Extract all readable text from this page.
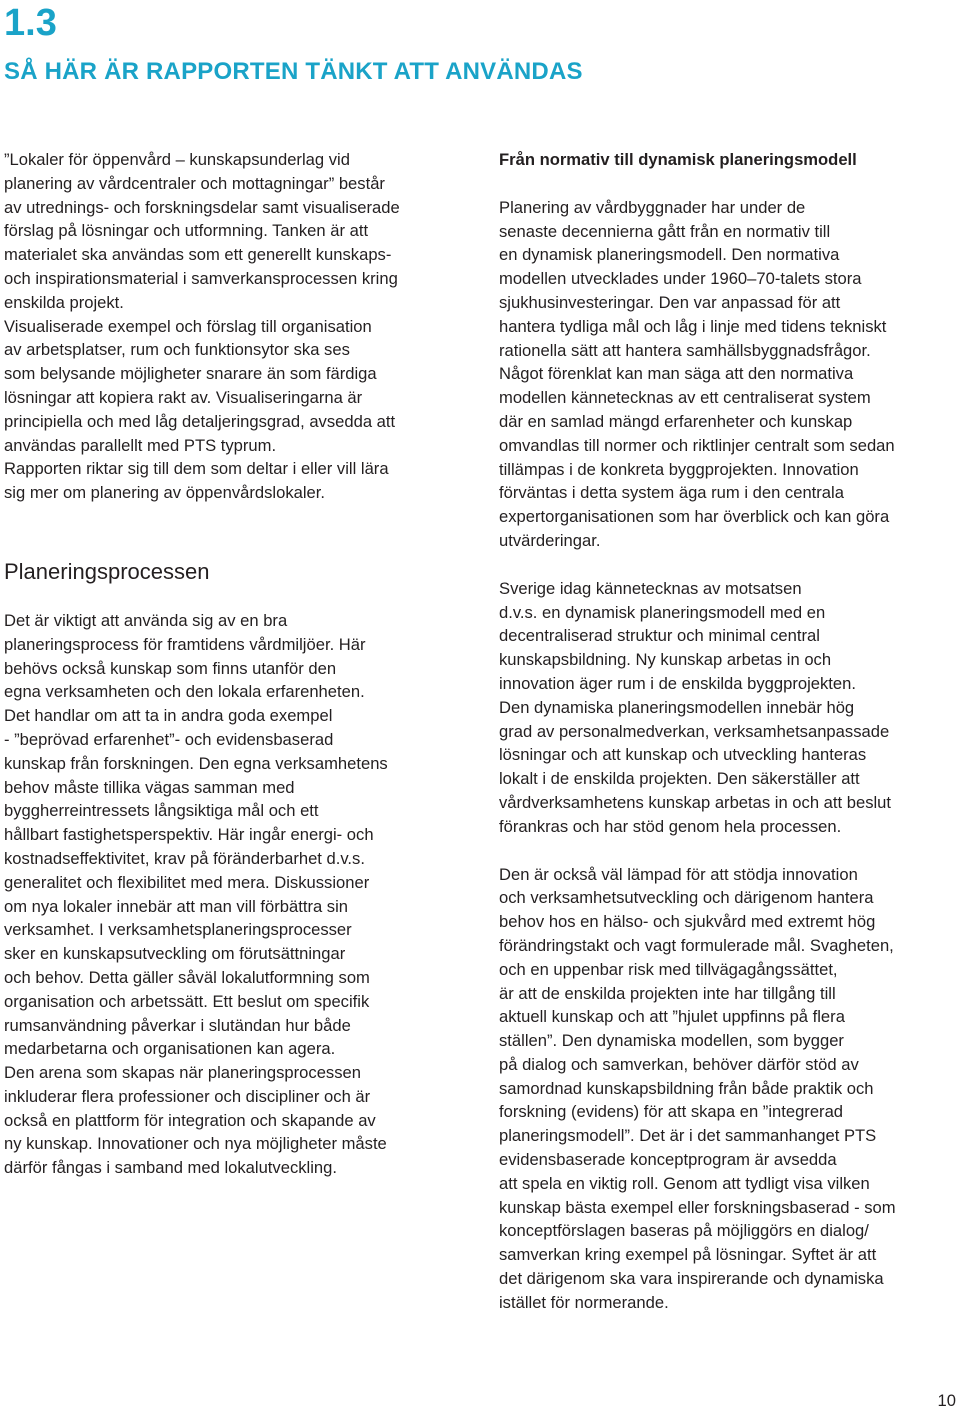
1.3
SÅ HÄR ÄR RAPPORTEN TÄNKT ATT ANVÄNDAS
”Lokaler för öppenvård – kunskapsunderlag vid
planering av vårdcentraler och mottagningar” består
av utrednings- och forskningsdelar samt visualiserade
förslag på lösningar och utformning. Tanken är att
materialet ska användas som ett generellt kunskaps-
och inspirationsmaterial i samverkansprocessen kring
enskilda projekt.
Visualiserade exempel och förslag till organisation
av arbetsplatser, rum och funktionsytor ska ses
som belysande möjligheter snarare än som färdiga
lösningar att kopiera rakt av. Visualiseringarna är
principiella och med låg detaljeringsgrad, avsedda att
användas parallellt med PTS typrum.
Rapporten riktar sig till dem som deltar i eller vill lära
sig mer om planering av öppenvårdslokaler.
Planeringsprocessen
Det är viktigt att använda sig av en bra
planeringsprocess för framtidens vårdmiljöer. Här
behövs också kunskap som finns utanför den
egna verksamheten och den lokala erfarenheten.
Det handlar om att ta in andra goda exempel
- ”beprövad erfarenhet”- och evidensbaserad
kunskap från forskningen. Den egna verksamhetens
behov måste tillika vägas samman med
byggherreintressets långsiktiga mål och ett
hållbart fastighetsperspektiv. Här ingår energi- och
kostnadseffektivitet, krav på föränderbarhet d.v.s.
generalitet och flexibilitet med mera. Diskussioner
om nya lokaler innebär att man vill förbättra sin
verksamhet. I verksamhetsplaneringsprocesser
sker en kunskapsutveckling om förutsättningar
och behov. Detta gäller såväl lokalutformning som
organisation och arbetssätt. Ett beslut om specifik
rumsanvändning påverkar i slutändan hur både
medarbetarna och organisationen kan agera.
Den arena som skapas när planeringsprocessen
inkluderar flera professioner och discipliner och är
också en plattform för integration och skapande av
ny kunskap. Innovationer och nya möjligheter måste
därför fångas i samband med lokalutveckling.
Från normativ till dynamisk planeringsmodell
Planering av vårdbyggnader har under de
senaste decennierna gått från en normativ till
en dynamisk planeringsmodell. Den normativa
modellen utvecklades under 1960–70-talets stora
sjukhusinvesteringar. Den var anpassad för att
hantera tydliga mål och låg i linje med tidens tekniskt
rationella sätt att hantera samhällsbyggnadsfrågor.
Något förenklat kan man säga att den normativa
modellen kännetecknas av ett centraliserat system
där en samlad mängd erfarenheter och kunskap
omvandlas till normer och riktlinjer centralt som sedan
tillämpas i de konkreta byggprojekten. Innovation
förväntas i detta system äga rum i den centrala
expertorganisationen som har överblick och kan göra
utvärderingar.
Sverige idag kännetecknas av motsatsen
d.v.s. en dynamisk planeringsmodell med en
decentraliserad struktur och minimal central
kunskapsbildning. Ny kunskap arbetas in och
innovation äger rum i de enskilda byggprojekten.
Den dynamiska planeringsmodellen innebär hög
grad av personalmedverkan, verksamhetsanpassade
lösningar och att kunskap och utveckling hanteras
lokalt i de enskilda projekten. Den säkerställer att
vårdverksamhetens kunskap arbetas in och att beslut
förankras och har stöd genom hela processen.
Den är också väl lämpad för att stödja innovation
och verksamhetsutveckling och därigenom hantera
behov hos en hälso- och sjukvård med extremt hög
förändringstakt och vagt formulerade mål. Svagheten,
och en uppenbar risk med tillvägagångssättet,
är att de enskilda projekten inte har tillgång till
aktuell kunskap och att ”hjulet uppfinns på flera
ställen”. Den dynamiska modellen, som bygger
på dialog och samverkan, behöver därför stöd av
samordnad kunskapsbildning från både praktik och
forskning (evidens) för att skapa en ”integrerad
planeringsmodell”. Det är i det sammanhanget PTS
evidensbaserade konceptprogram är avsedda
att spela en viktig roll. Genom att tydligt visa vilken
kunskap bästa exempel eller forskningsbaserad - som
konceptförslagen baseras på möjliggörs en dialog/
samverkan kring exempel på lösningar. Syftet är att
det därigenom ska vara inspirerande och dynamiska
istället för normerande.

10
